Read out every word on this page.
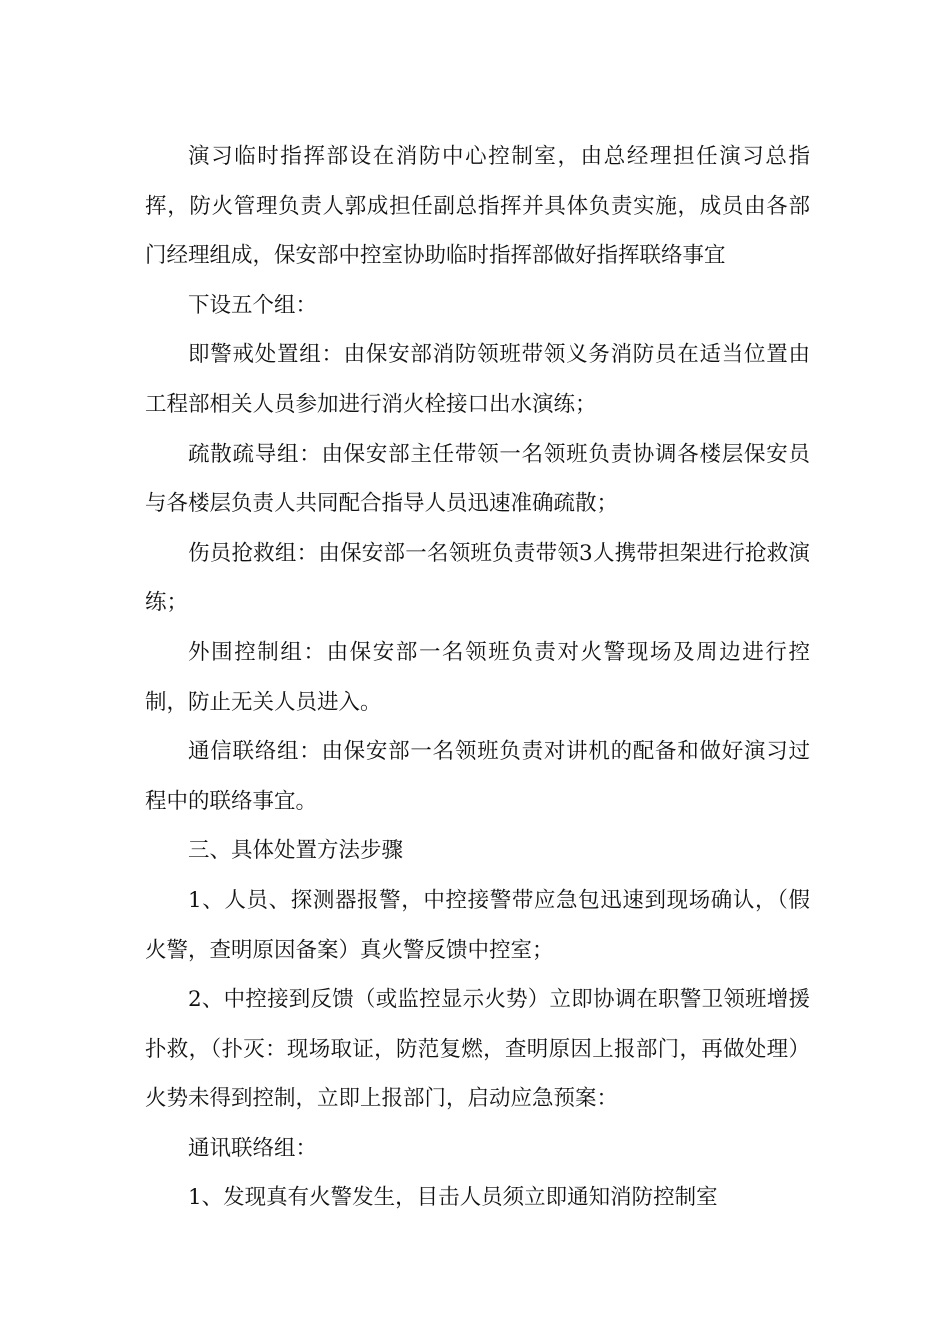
演习临时指挥部设在消防中心控制室，由总经理担任演习总指挥，防火管理负责人郭成担任副总指挥并具体负责实施，成员由各部门经理组成，保安部中控室协助临时指挥部做好指挥联络事宜

下设五个组：

即警戒处置组：由保安部消防领班带领义务消防员在适当位置由工程部相关人员参加进行消火栓接口出水演练；

疏散疏导组：由保安部主任带领一名领班负责协调各楼层保安员与各楼层负责人共同配合指导人员迅速准确疏散；

伤员抢救组：由保安部一名领班负责带领3人携带担架进行抢救演练；

外围控制组：由保安部一名领班负责对火警现场及周边进行控制，防止无关人员进入。

通信联络组：由保安部一名领班负责对讲机的配备和做好演习过程中的联络事宜。

三、具体处置方法步骤

1、人员、探测器报警，中控接警带应急包迅速到现场确认，（假火警，查明原因备案）真火警反馈中控室；

2、中控接到反馈（或监控显示火势）立即协调在职警卫领班增援扑救，（扑灭：现场取证，防范复燃，查明原因上报部门，再做处理）火势未得到控制，立即上报部门，启动应急预案：

通讯联络组：

1、发现真有火警发生，目击人员须立即通知消防控制室
